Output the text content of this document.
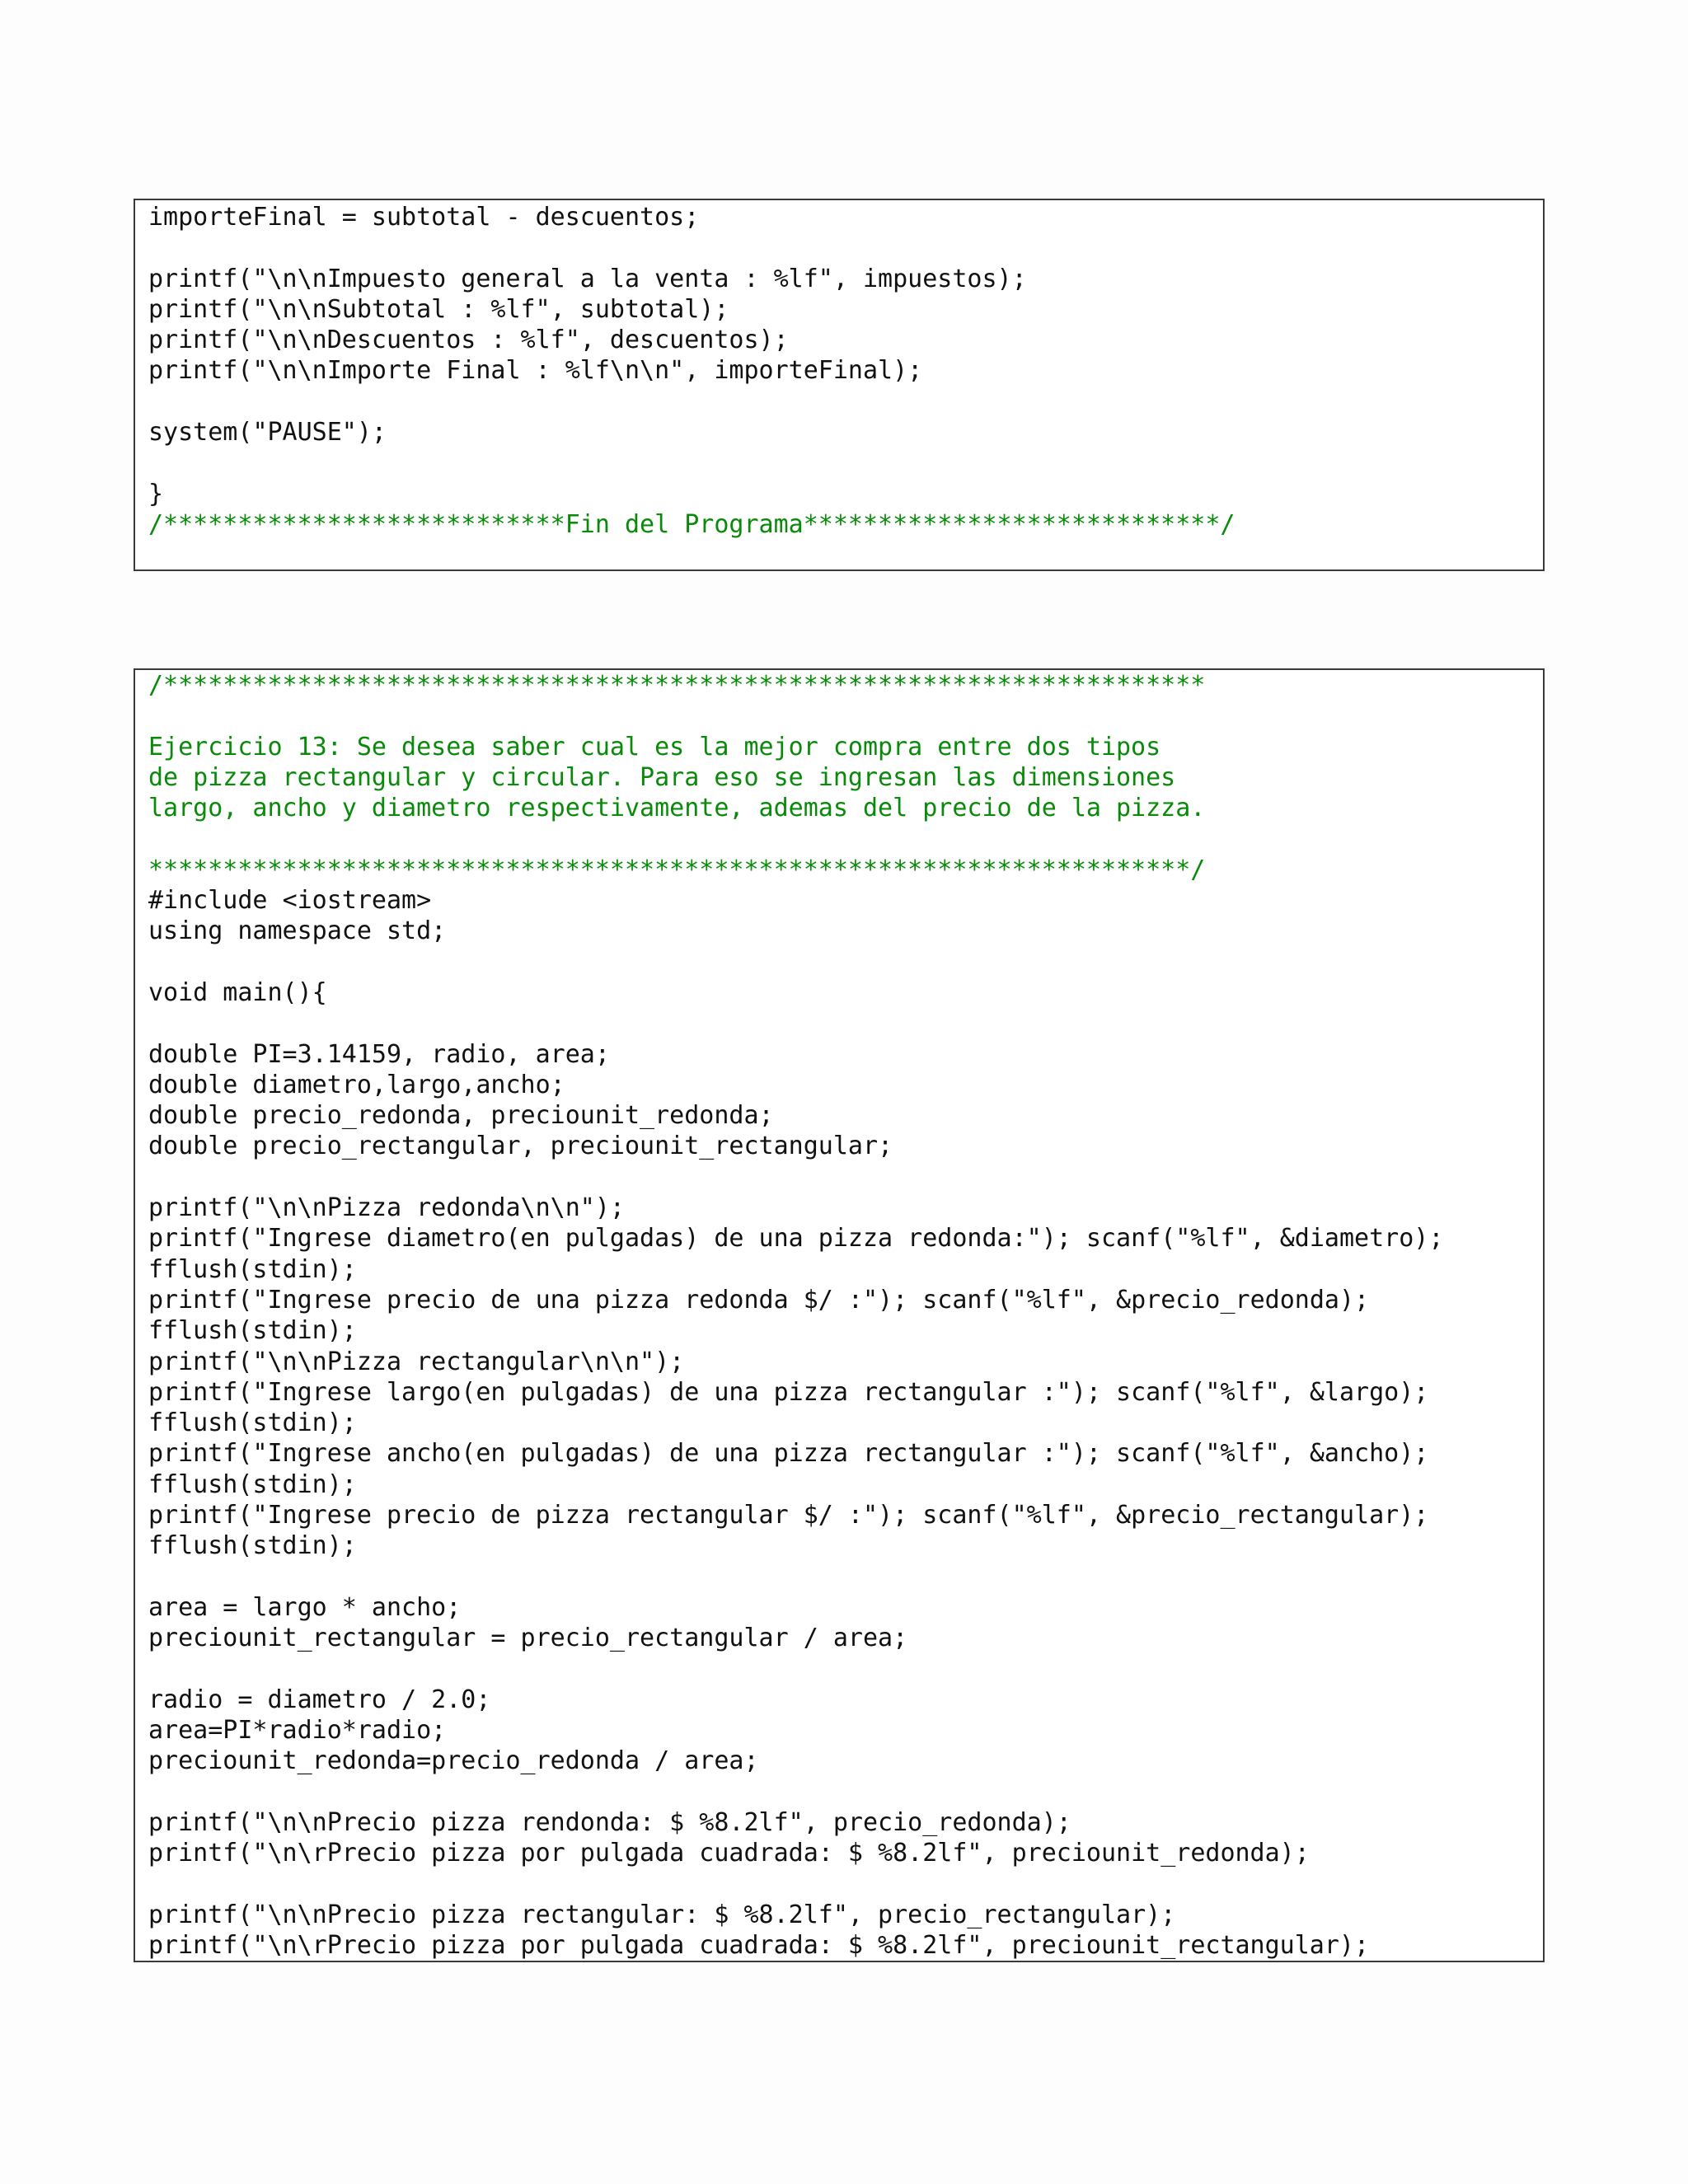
importeFinal = subtotal - descuentos;
printf("\n\nImpuesto general a la venta : %lf", impuestos);
printf("\n\nSubtotal : %lf", subtotal);
printf("\n\nDescuentos : %lf", descuentos);
printf("\n\nImporte Final : %lf\n\n", importeFinal);
system("PAUSE");
}
/***************************Fin del Programa****************************/
/**********************************************************************
Ejercicio 13: Se desea saber cual es la mejor compra entre dos tipos
de pizza rectangular y circular. Para eso se ingresan las dimensiones
largo, ancho y diametro respectivamente, ademas del precio de la pizza.
**********************************************************************/
#include <iostream>
using namespace std;
void main(){
double PI=3.14159, radio, area;
double diametro,largo,ancho;
double precio_redonda, preciounit_redonda;
double precio_rectangular, preciounit_rectangular;
printf("\n\nPizza redonda\n\n");
printf("Ingrese diametro(en pulgadas) de una pizza redonda:"); scanf("%lf", &diametro);
fflush(stdin);
printf("Ingrese precio de una pizza redonda $/ :"); scanf("%lf", &precio_redonda);
fflush(stdin);
printf("\n\nPizza rectangular\n\n");
printf("Ingrese largo(en pulgadas) de una pizza rectangular :"); scanf("%lf", &largo);
fflush(stdin);
printf("Ingrese ancho(en pulgadas) de una pizza rectangular :"); scanf("%lf", &ancho);
fflush(stdin);
printf("Ingrese precio de pizza rectangular $/ :"); scanf("%lf", &precio_rectangular);
fflush(stdin);
area = largo * ancho;
preciounit_rectangular = precio_rectangular / area;
radio = diametro / 2.0;
area=PI*radio*radio;
preciounit_redonda=precio_redonda / area;
printf("\n\nPrecio pizza rendonda: $ %8.2lf", precio_redonda);
printf("\n\rPrecio pizza por pulgada cuadrada: $ %8.2lf", preciounit_redonda);
printf("\n\nPrecio pizza rectangular: $ %8.2lf", precio_rectangular);
printf("\n\rPrecio pizza por pulgada cuadrada: $ %8.2lf", preciounit_rectangular);
